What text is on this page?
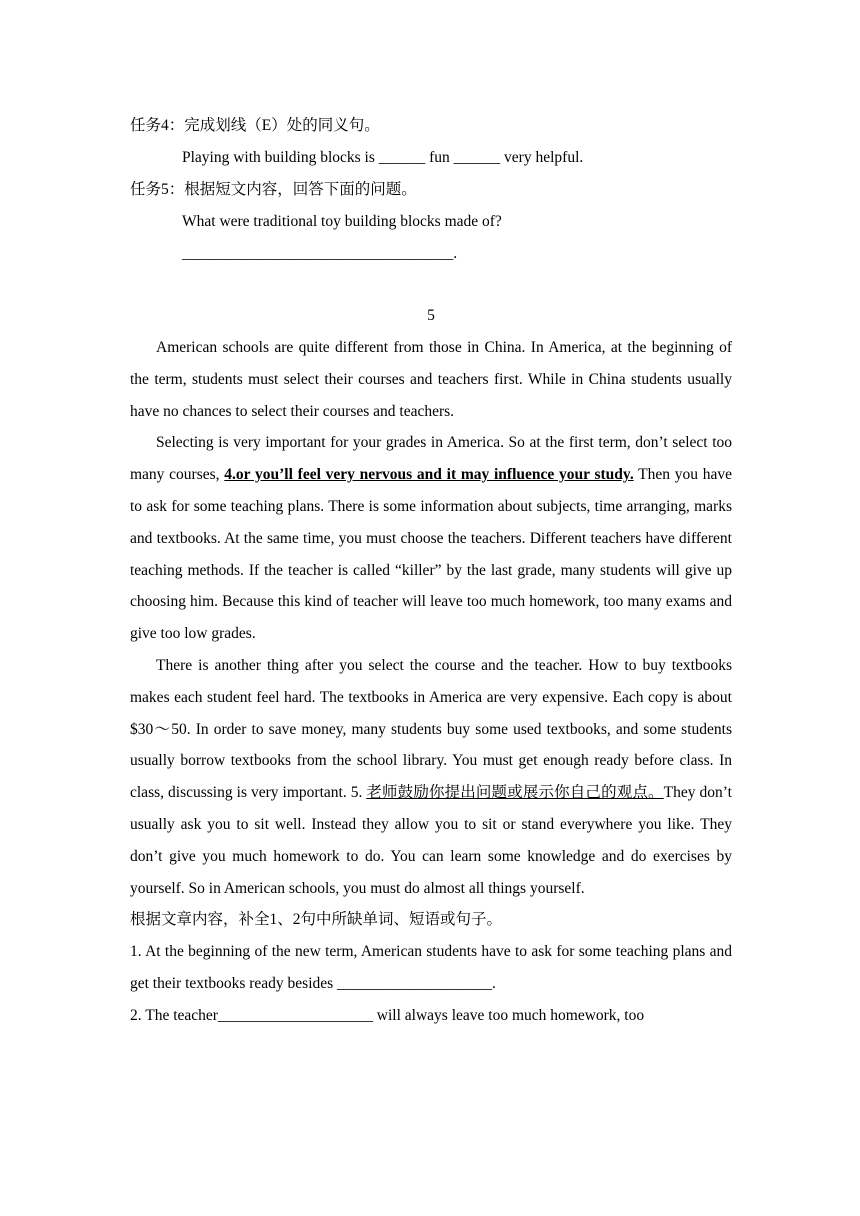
任务4：完成划线（E）处的同义句。
Playing with building blocks is ______ fun ______ very helpful.
任务5：根据短文内容，回答下面的问题。
What were traditional toy building blocks made of?
___________________________________.
5

American schools are quite different from those in China. In America, at the beginning of the term, students must select their courses and teachers first. While in China students usually have no chances to select their courses and teachers.

Selecting is very important for your grades in America. So at the first term, don’t select too many courses, 4.or you’ll feel very nervous and it may influence your study. Then you have to ask for some teaching plans. There is some information about subjects, time arranging, marks and textbooks. At the same time, you must choose the teachers. Different teachers have different teaching methods. If the teacher is called “killer” by the last grade, many students will give up choosing him. Because this kind of teacher will leave too much homework, too many exams and give too low grades.

There is another thing after you select the course and the teacher. How to buy textbooks makes each student feel hard. The textbooks in America are very expensive. Each copy is about $30～50. In order to save money, many students buy some used textbooks, and some students usually borrow textbooks from the school library. You must get enough ready before class. In class, discussing is very important. 5. 老师鼓励你提出问题或展示你自己的观点。They don’t usually ask you to sit well. Instead they allow you to sit or stand everywhere you like. They don’t give you much homework to do. You can learn some knowledge and do exercises by yourself. So in American schools, you must do almost all things yourself.

根据文章内容，补全1、2句中所缺单词、短语或句子。
1. At the beginning of the new term, American students have to ask for some teaching plans and get their textbooks ready besides ____________________.
2. The teacher____________________ will always leave too much homework, too
